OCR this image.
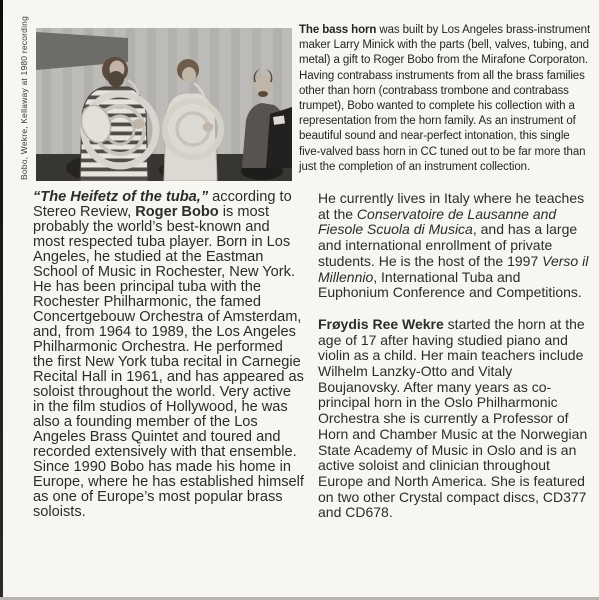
Bobo, Wekre, Kellaway at 1980 recording	The bass horn was built by Los Angeles brass-instrument maker Larry Minick with the parts (bell, valves, tubing, and metal) a gift to Roger Bobo from the Mirafone Corporaton. Having contrabass instruments from all the brass families other than horn (contrabass trombone and contrabass trumpet), Bobo wanted to complete his collection with a representation from the horn family. As an instrument of beautiful sound and near-perfect intonation, this single five-valved bass horn in CC tuned out to be far more than just the completion of an instrument collection.
“The Heifetz of the tuba,” according to Stereo Review, Roger Bobo is most probably the world’s best-known and most respected tuba player. Born in Los Angeles, he studied at the Eastman School of Music in Rochester, New York. He has been principal tuba with the Rochester Philharmonic, the famed Concertgebouw Orchestra of Amsterdam, and, from 1964 to 1989, the Los Angeles Philharmonic Orchestra. He performed the first New York tuba recital in Carnegie Recital Hall in 1961, and has appeared as soloist throughout the world. Very active in the film studios of Hollywood, he was also a founding member of the Los Angeles Brass Quintet and toured and recorded extensively with that ensemble. Since 1990 Bobo has made his home in Europe, where he has established himself as one of Europe’s most popular brass soloists.
He currently lives in Italy where he teaches at the Conservatoire de Lausanne and Fiesole Scuola di Musica, and has a large and international enrollment of private students. He is the host of the 1997 Verso il Millennio, International Tuba and Euphonium Conference and Competitions.
Frøydis Ree Wekre started the horn at the age of 17 after having studied piano and violin as a child. Her main teachers include Wilhelm Lanzky-Otto and Vitaly Boujanovsky. After many years as co-principal horn in the Oslo Philharmonic Orchestra she is currently a Professor of Horn and Chamber Music at the Norwegian State Academy of Music in Oslo and is an active soloist and clinician throughout Europe and North America. She is featured on two other Crystal compact discs, CD377 and CD678.
